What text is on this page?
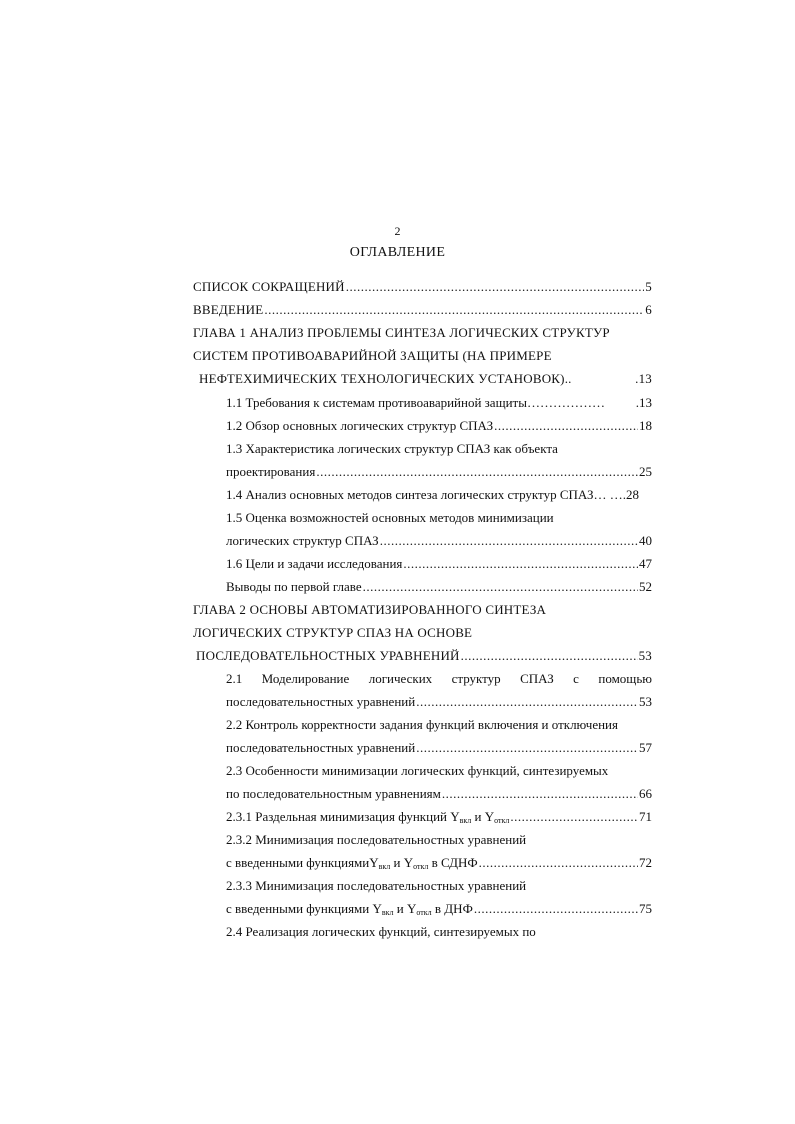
2
ОГЛАВЛЕНИЕ
СПИСОК СОКРАЩЕНИЙ .....	5
ВВЕДЕНИЕ .....	6
ГЛАВА 1 АНАЛИЗ ПРОБЛЕМЫ СИНТЕЗА ЛОГИЧЕСКИХ СТРУКТУР
СИСТЕМ ПРОТИВОАВАРИЙНОЙ ЗАЩИТЫ (НА ПРИМЕРЕ
НЕФТЕХИМИЧЕСКИХ ТЕХНОЛОГИЧЕСКИХ УСТАНОВОК)..	.13
1.1 Требования к системам противоаварийной защиты……………… .13
1.2 Обзор основных логических структур СПАЗ .....	18
1.3 Характеристика логических структур СПАЗ как объекта
проектирования .....	25
1.4 Анализ основных методов синтеза логических структур СПАЗ… ….28
1.5 Оценка возможностей основных методов минимизации
логических структур СПАЗ .....	40
1.6 Цели и задачи исследования .....	47
Выводы по первой главе .....	52
ГЛАВА 2 ОСНОВЫ АВТОМАТИЗИРОВАННОГО СИНТЕЗА
ЛОГИЧЕСКИХ СТРУКТУР СПАЗ НА ОСНОВЕ
ПОСЛЕДОВАТЕЛЬНОСТНЫХ УРАВНЕНИЙ .....	53
2.1 Моделирование логических структур СПАЗ с помощью
последовательностных уравнений .....	53
2.2 Контроль корректности задания функций включения и отключения
последовательностных уравнений .....	57
2.3 Особенности минимизации логических функций, синтезируемых
по последовательностным уравнениям .....	66
2.3.1 Раздельная минимизация функций $Y_{вкл}$ и $Y_{откл}$ .....	71
2.3.2 Минимизация последовательностных уравнений
с введенными функциямиY$_{вкл}$ и $Y_{откл}$ в СДНФ .....	72
2.3.3 Минимизация последовательностных уравнений
с введенными функциями $Y_{вкл}$ и $Y_{откл}$ в ДНФ .....	75
2.4 Реализация логических функций, синтезируемых по
